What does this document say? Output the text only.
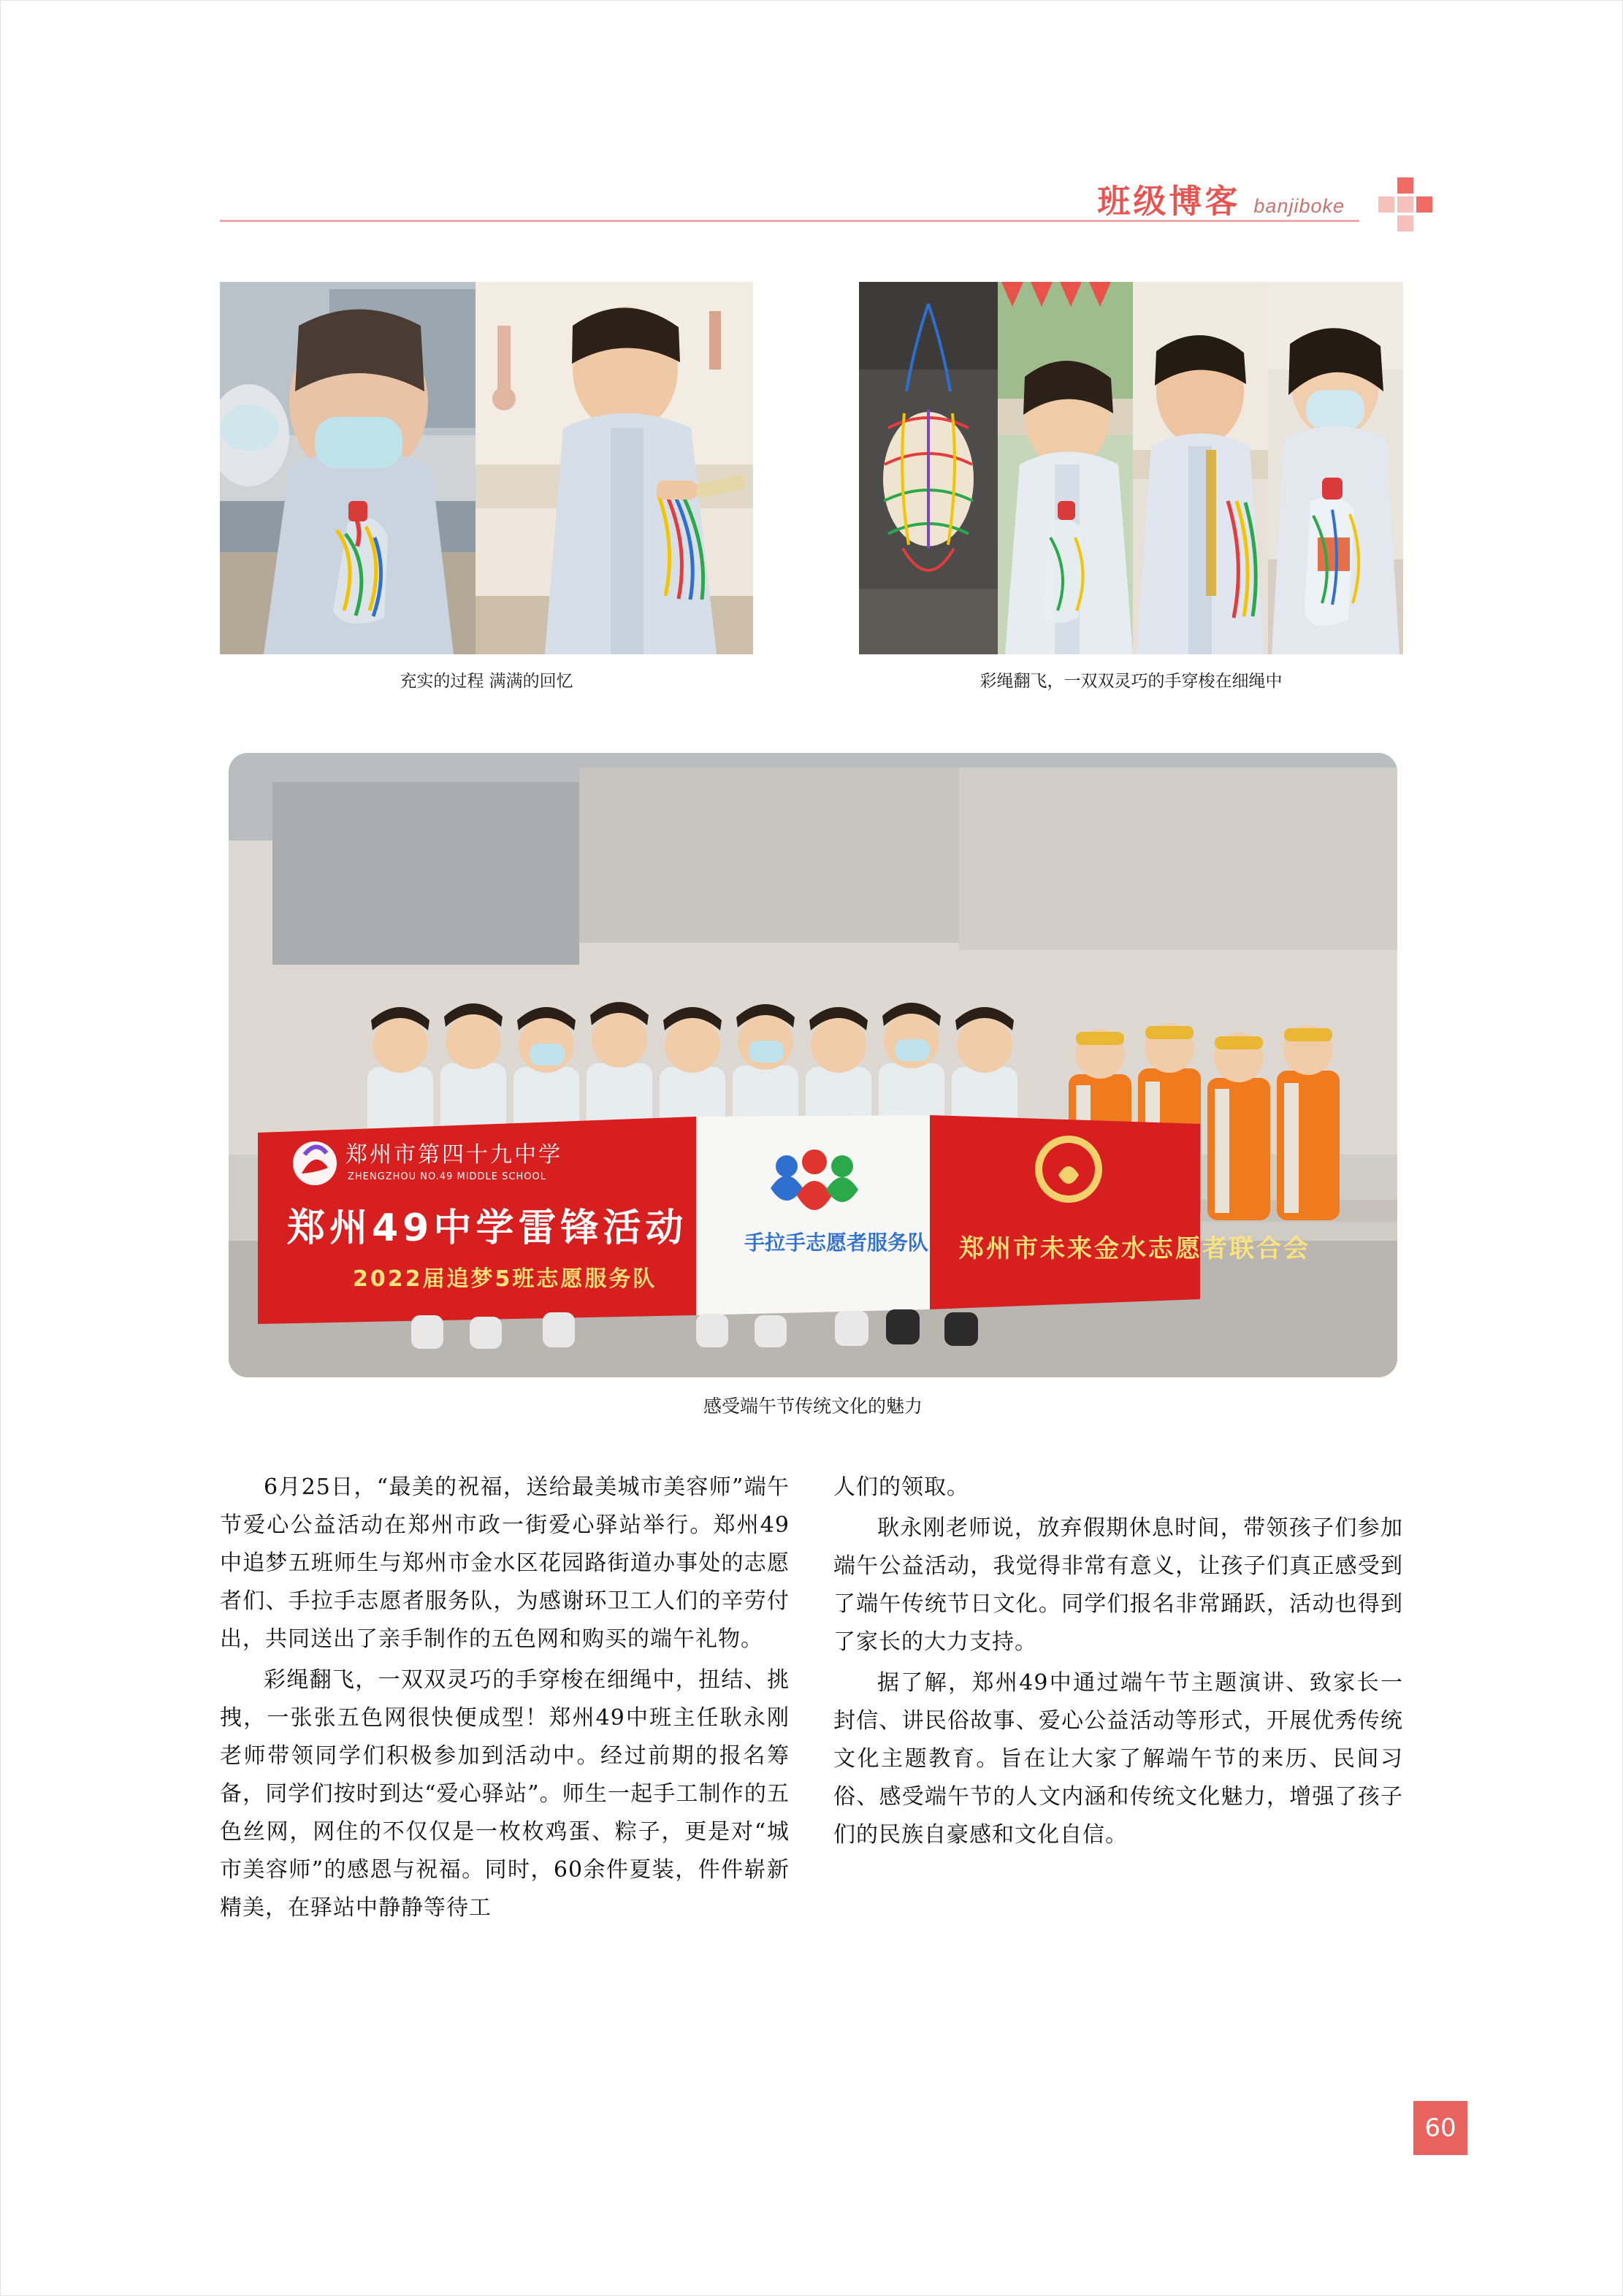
班级博客 banjiboke
充实的过程 满满的回忆	彩绳翻飞，一双双灵巧的手穿梭在细绳中
郑州市第四十九中学
ZHENGZHOU NO.49 MIDDLE SCHOOL
郑州49中学雷锋活动
2022届追梦5班志愿服务队
手拉手志愿者服务队 郑州市未来金水志愿者联合会
感受端午节传统文化的魅力

6月25日，“最美的祝福，送给最美城市美容师”端午节爱心公益活动在郑州市政一街爱心驿站举行。郑州49中追梦五班师生与郑州市金水区花园路街道办事处的志愿者们、手拉手志愿者服务队，为感谢环卫工人们的辛劳付出，共同送出了亲手制作的五色网和购买的端午礼物。

彩绳翻飞，一双双灵巧的手穿梭在细绳中，扭结、挑拽，一张张五色网很快便成型！郑州49中班主任耿永刚老师带领同学们积极参加到活动中。经过前期的报名筹备，同学们按时到达“爱心驿站”。师生一起手工制作的五色丝网，网住的不仅仅是一枚枚鸡蛋、粽子，更是对“城市美容师”的感恩与祝福。同时，60余件夏装，件件崭新精美，在驿站中静静等待工

人们的领取。

耿永刚老师说，放弃假期休息时间，带领孩子们参加端午公益活动，我觉得非常有意义，让孩子们真正感受到了端午传统节日文化。同学们报名非常踊跃，活动也得到了家长的大力支持。

据了解，郑州49中通过端午节主题演讲、致家长一封信、讲民俗故事、爱心公益活动等形式，开展优秀传统文化主题教育。旨在让大家了解端午节的来历、民间习俗、感受端午节的人文内涵和传统文化魅力，增强了孩子们的民族自豪感和文化自信。

60
